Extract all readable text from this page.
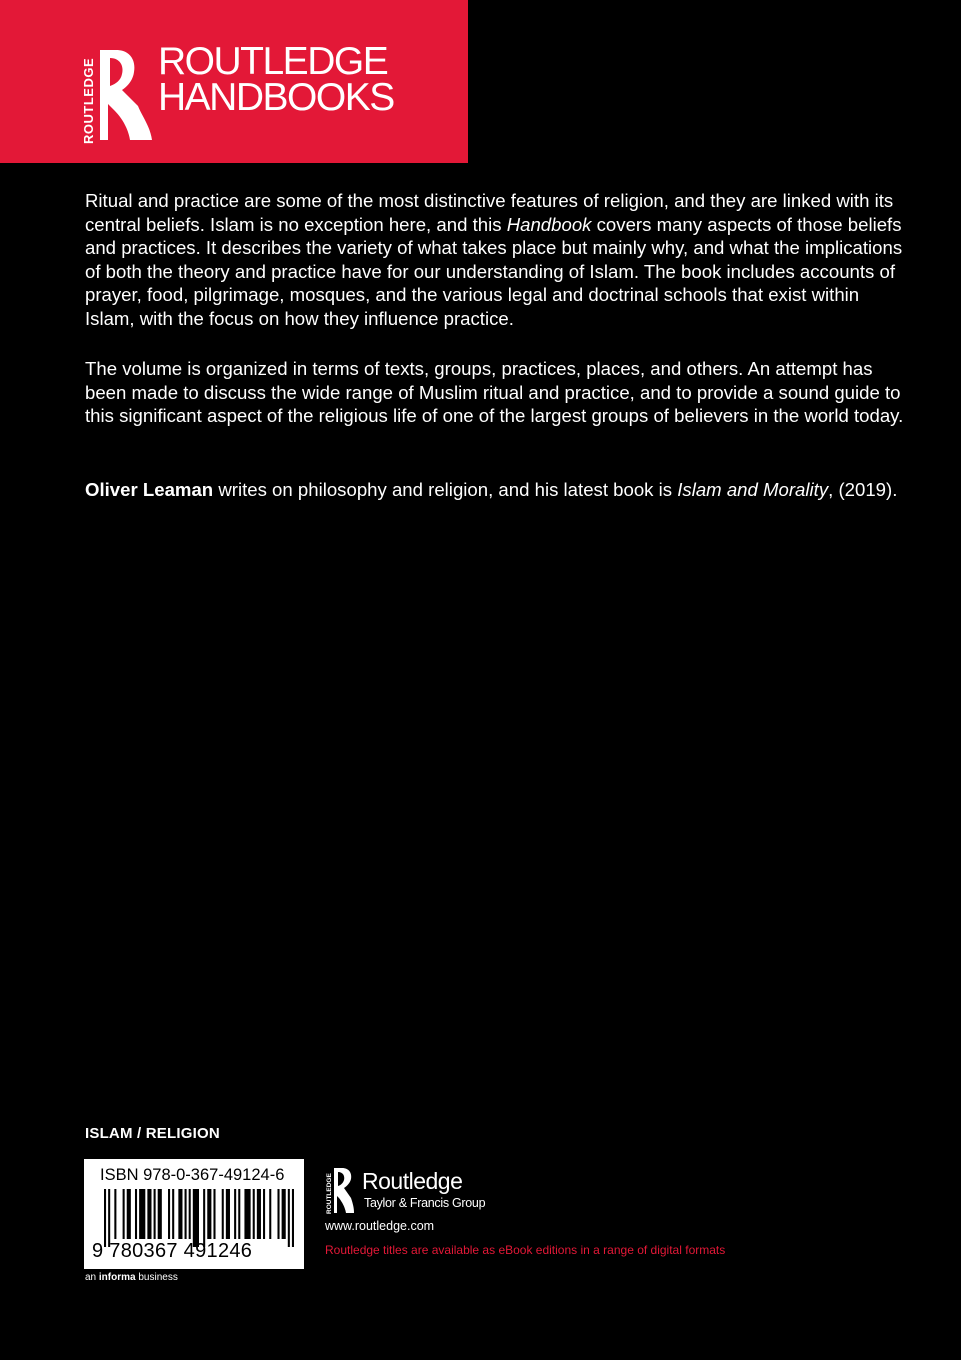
ROUTLEDGE ROUTLEDGE
HANDBOOKS

Ritual and practice are some of the most distinctive features of religion, and they are linked with its central beliefs. Islam is no exception here, and this Handbook covers many aspects of those beliefs and practices. It describes the variety of what takes place but mainly why, and what the implications of both the theory and practice have for our understanding of Islam. The book includes accounts of prayer, food, pilgrimage, mosques, and the various legal and doctrinal schools that exist within Islam, with the focus on how they influence practice.

The volume is organized in terms of texts, groups, practices, places, and others. An attempt has been made to discuss the wide range of Muslim ritual and practice, and to provide a sound guide to this significant aspect of the religious life of one of the largest groups of believers in the world today.

Oliver Leaman writes on philosophy and religion, and his latest book is Islam and Morality, (2019).

ISLAM / RELIGION
ISBN 978-0-367-49124-6
9 780367 491246
an informa business
ROUTLEDGE Routledge
Taylor & Francis Group
www.routledge.com
Routledge titles are available as eBook editions in a range of digital formats
